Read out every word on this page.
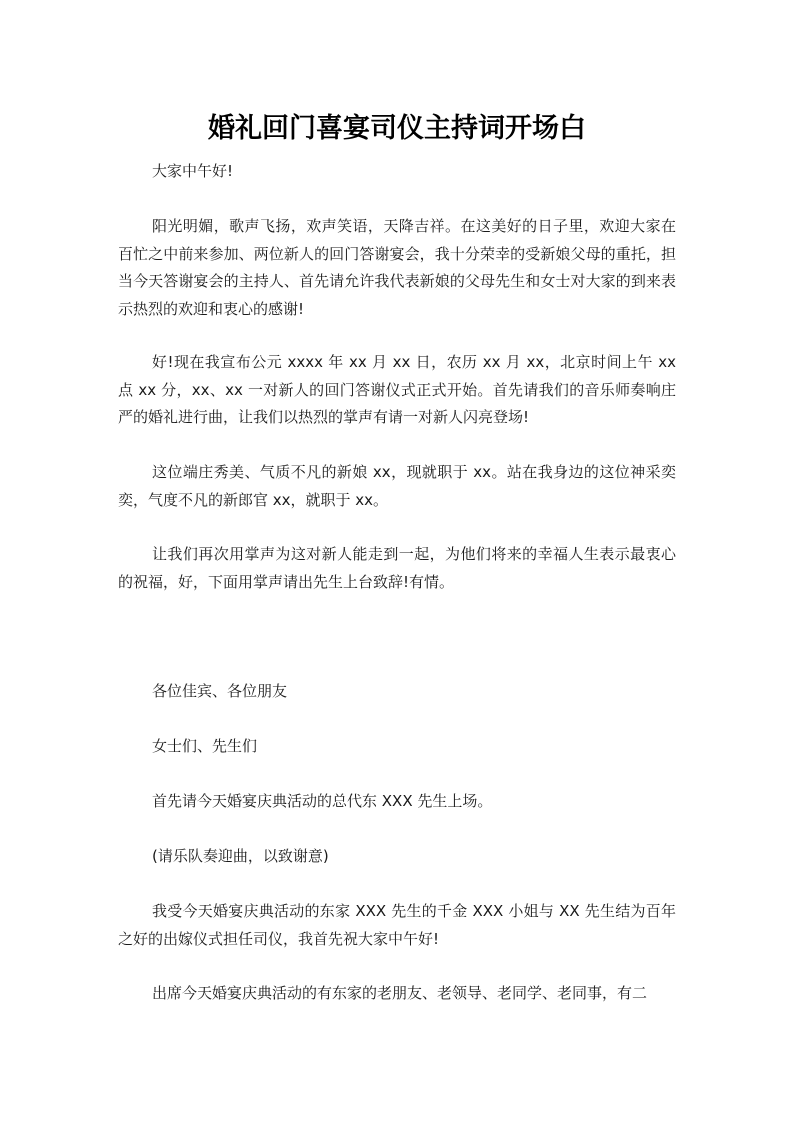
婚礼回门喜宴司仪主持词开场白
大家中午好!
阳光明媚，歌声飞扬，欢声笑语，天降吉祥。在这美好的日子里，欢迎大家在百忙之中前来参加、两位新人的回门答谢宴会，我十分荣幸的受新娘父母的重托，担当今天答谢宴会的主持人、首先请允许我代表新娘的父母先生和女士对大家的到来表示热烈的欢迎和衷心的感谢!
好!现在我宣布公元 xxxx 年 xx 月 xx 日，农历 xx 月 xx，北京时间上午 xx 点 xx 分，xx、xx 一对新人的回门答谢仪式正式开始。首先请我们的音乐师奏响庄严的婚礼进行曲，让我们以热烈的掌声有请一对新人闪亮登场!
这位端庄秀美、气质不凡的新娘 xx，现就职于 xx。站在我身边的这位神采奕奕，气度不凡的新郎官 xx，就职于 xx。
让我们再次用掌声为这对新人能走到一起，为他们将来的幸福人生表示最衷心的祝福，好，下面用掌声请出先生上台致辞!有情。
各位佳宾、各位朋友
女士们、先生们
首先请今天婚宴庆典活动的总代东 XXX 先生上场。
(请乐队奏迎曲，以致谢意)
我受今天婚宴庆典活动的东家 XXX 先生的千金 XXX 小姐与 XX 先生结为百年之好的出嫁仪式担任司仪，我首先祝大家中午好!
出席今天婚宴庆典活动的有东家的老朋友、老领导、老同学、老同事，有二
